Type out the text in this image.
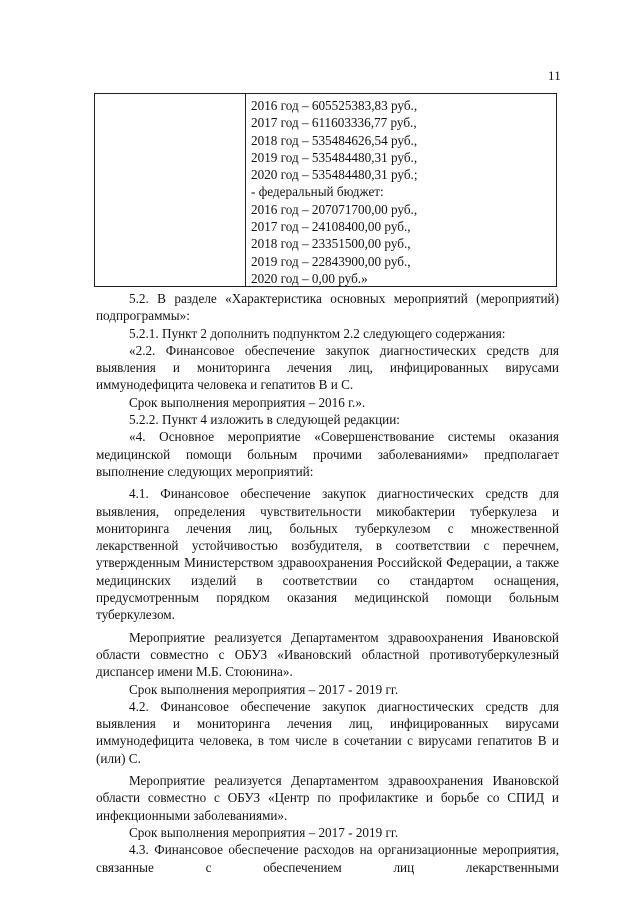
11
2016 год – 605525383,83 руб.,
2017 год – 611603336,77 руб.,
2018 год – 535484626,54 руб.,
2019 год – 535484480,31 руб.,
2020 год – 535484480,31 руб.;
- федеральный бюджет:
2016 год – 207071700,00 руб.,
2017 год – 24108400,00 руб.,
2018 год – 23351500,00 руб.,
2019 год – 22843900,00 руб.,
2020 год – 0,00 руб.»

5.2. В разделе «Характеристика основных мероприятий (мероприятий) подпрограммы»:

5.2.1. Пункт 2 дополнить подпунктом 2.2 следующего содержания:

«2.2. Финансовое обеспечение закупок диагностических средств для выявления и мониторинга лечения лиц, инфицированных вирусами иммунодефицита человека и гепатитов В и С.

Срок выполнения мероприятия – 2016 г.».

5.2.2. Пункт 4 изложить в следующей редакции:

«4. Основное мероприятие «Совершенствование системы оказания медицинской помощи больным прочими заболеваниями» предполагает выполнение следующих мероприятий:

4.1. Финансовое обеспечение закупок диагностических средств для выявления, определения чувствительности микобактерии туберкулеза и мониторинга лечения лиц, больных туберкулезом с множественной лекарственной устойчивостью возбудителя, в соответствии с перечнем, утвержденным Министерством здравоохранения Российской Федерации, а также медицинских изделий в соответствии со стандартом оснащения, предусмотренным порядком оказания медицинской помощи больным туберкулезом.

Мероприятие реализуется Департаментом здравоохранения Ивановской области совместно с ОБУЗ «Ивановский областной противотуберкулезный диспансер имени М.Б. Стоюнина».

Срок выполнения мероприятия – 2017 - 2019 гг.

4.2. Финансовое обеспечение закупок диагностических средств для выявления и мониторинга лечения лиц, инфицированных вирусами иммунодефицита человека, в том числе в сочетании с вирусами гепатитов В и (или) С.

Мероприятие реализуется Департаментом здравоохранения Ивановской области совместно с ОБУЗ «Центр по профилактике и борьбе со СПИД и инфекционными заболеваниями».

Срок выполнения мероприятия – 2017 - 2019 гг.

4.3. Финансовое обеспечение расходов на организационные мероприятия, связанные с обеспечением лиц лекарственными
